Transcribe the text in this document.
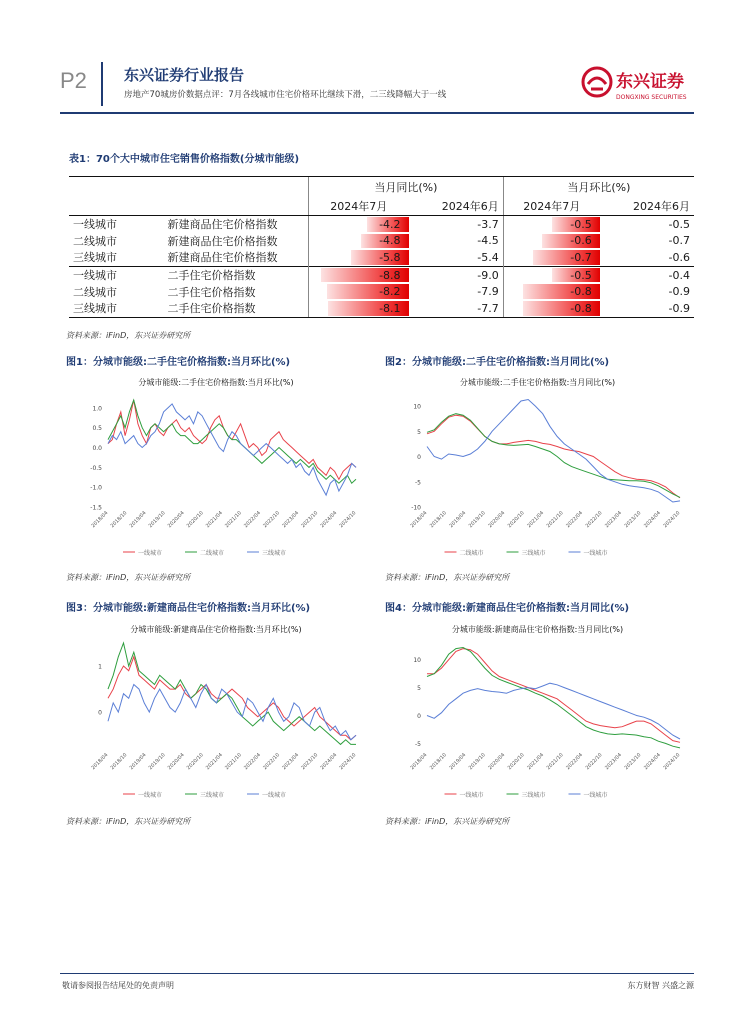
P2 东兴证券行业报告
房地产70城房价数据点评：7月各线城市住宅价格环比继续下滑，二三线降幅大于一线
东兴证券
DONGXING SECURITIES
表1：70个大中城市住宅销售价格指数(分城市能级)
		当月同比(%)		当月环比(%)	
		2024年7月	2024年6月	2024年7月	2024年6月
一线城市	新建商品住宅价格指数	-4.2	-3.7	-0.5	-0.5
二线城市	新建商品住宅价格指数	-4.8	-4.5	-0.6	-0.7
三线城市	新建商品住宅价格指数	-5.8	-5.4	-0.7	-0.6
一线城市	二手住宅价格指数	-8.8	-9.0	-0.5	-0.4
二线城市	二手住宅价格指数	-8.2	-7.9	-0.8	-0.9
三线城市	二手住宅价格指数	-8.1	-7.7	-0.8	-0.9
资料来源：iFinD，东兴证券研究所
图1：分城市能级:二手住宅价格指数:当月环比(%)	图2：分城市能级:二手住宅价格指数:当月同比(%)
分城市能级:二手住宅价格指数:当月环比(%)
1.0
0.5
0.0
-0.5
-1.0
-1.5
2018/04 2018/10 2019/04 2019/10 2020/04 2020/10 2021/04 2021/10 2022/04 2022/10 2023/04 2023/10 2024/04 2024/10
一线城市	二线城市	三线城市
分城市能级:二手住宅价格指数:当月同比(%)
10
5
0
-5
-10
2018/04 2018/10 2019/04 2019/10 2020/04 2020/10 2021/04 2021/10 2022/04 2022/10 2023/04 2023/10 2024/04 2024/10
二线城市	三线城市	一线城市
资料来源：iFinD，东兴证券研究所	资料来源：iFinD，东兴证券研究所
图3：分城市能级:新建商品住宅价格指数:当月环比(%)	图4：分城市能级:新建商品住宅价格指数:当月同比(%)
分城市能级:新建商品住宅价格指数:当月环比(%)
1
0
2018/04 2018/10 2019/04 2019/10 2020/04 2020/10 2021/04 2021/10 2022/04 2022/10 2023/04 2023/10 2024/04 2024/10
一线城市	三线城市	一线城市
分城市能级:新建商品住宅价格指数:当月同比(%)
10
5
0
-5
2018/04 2018/10 2019/04 2019/10 2020/04 2020/10 2021/04 2021/10 2022/04 2022/10 2023/04 2023/10 2024/04 2024/10
一线城市	三线城市	一线城市
资料来源：iFinD，东兴证券研究所	资料来源：iFinD，东兴证券研究所
敬请参阅报告结尾处的免责声明	东方财智 兴盛之源
